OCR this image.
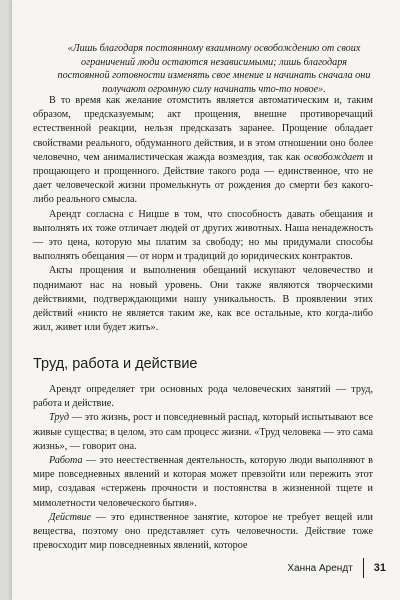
«Лишь благодаря постоянному взаимному освобождению от своих ограничений люди остаются независимыми; лишь благодаря постоянной готовности изменять свое мнение и начинать сначала они получают огромную силу начинать что-то новое».

В то время как желание отомстить является автоматическим и, таким образом, предсказуемым; акт прощения, внешне противоречащий естественной реакции, нельзя предсказать заранее. Прощение обладает свойствами реального, обдуманного действия, и в этом отношении оно более человечно, чем анималистическая жажда возмездия, так как освобождает и прощающего и прощенного. Действие такого рода — единственное, что не дает человеческой жизни промелькнуть от рождения до смерти без какого-либо реального смысла.

Арендт согласна с Ницше в том, что способность давать обещания и выполнять их тоже отличает людей от других животных. Наша ненадежность — это цена, которую мы платим за свободу; но мы придумали способы выполнять обещания — от норм и традиций до юридических контрактов.

Акты прощения и выполнения обещаний искупают человечество и поднимают нас на новый уровень. Они также являются творческими действиями, подтверждающими нашу уникальность. В проявлении этих действий «никто не является таким же, как все остальные, кто когда-либо жил, живет или будет жить».

Труд, работа и действие

Арендт определяет три основных рода человеческих занятий — труд, работа и действие.

Труд — это жизнь, рост и повседневный распад, который испытывают все живые существа; в целом, это сам процесс жизни. «Труд человека — это сама жизнь», — говорит она.

Работа — это неестественная деятельность, которую люди выполняют в мире повседневных явлений и которая может превзойти или пережить этот мир, создавая «стержень прочности и постоянства в жизненной тщете и мимолетности человеческого бытия».

Действие — это единственное занятие, которое не требует вещей или вещества, поэтому оно представляет суть человечности. Действие тоже превосходит мир повседневных явлений, которое

Ханна Арендт	31
